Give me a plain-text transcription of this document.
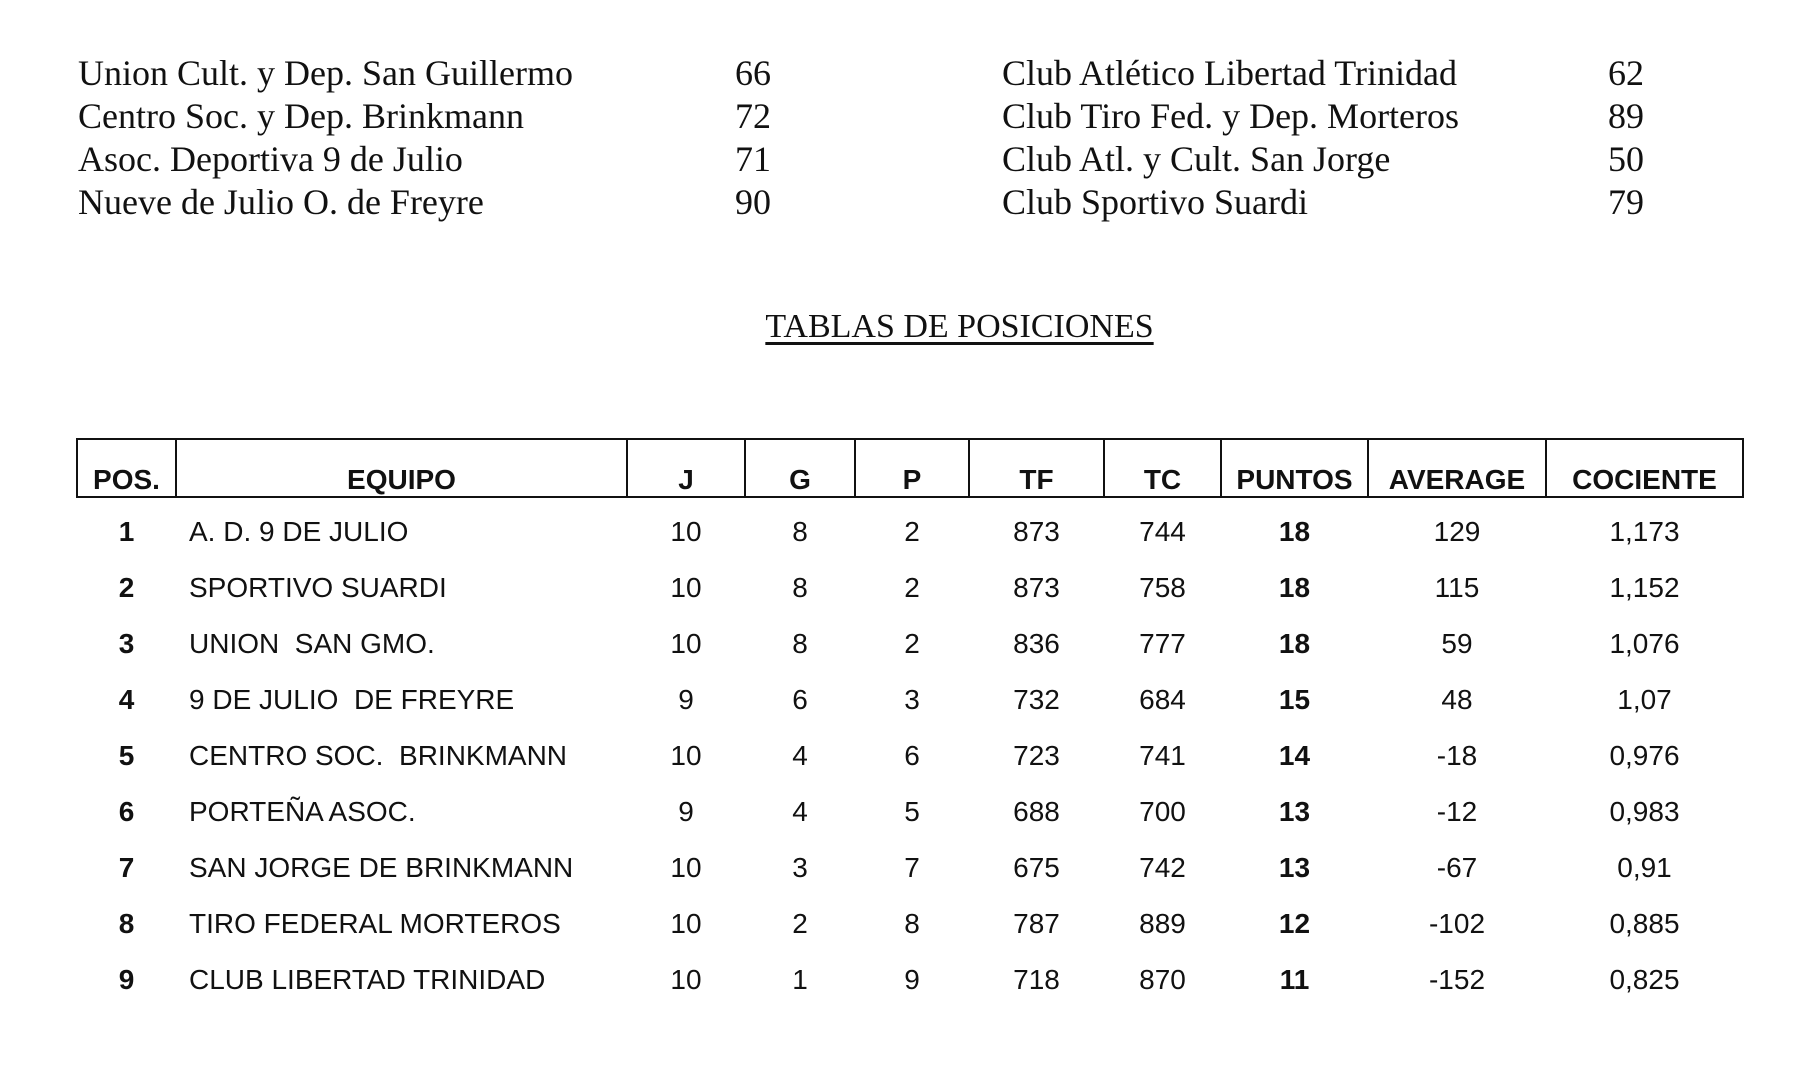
Union Cult. y Dep. San Guillermo	66
Centro Soc. y Dep. Brinkmann	72
Asoc. Deportiva 9 de Julio	71
Nueve de Julio O. de Freyre	90
Club Atlético Libertad Trinidad	62
Club Tiro Fed. y Dep. Morteros	89
Club Atl. y Cult. San Jorge	50
Club Sportivo Suardi	79
TABLAS DE POSICIONES
POS.	EQUIPO	J	G	P	TF	TC	PUNTOS	AVERAGE	COCIENTE
1	A. D. 9 DE JULIO	10	8	2	873	744	18	129	1,173
2	SPORTIVO SUARDI	10	8	2	873	758	18	115	1,152
3	UNION  SAN GMO.	10	8	2	836	777	18	59	1,076
4	9 DE JULIO  DE FREYRE	9	6	3	732	684	15	48	1,07
5	CENTRO SOC.  BRINKMANN	10	4	6	723	741	14	-18	0,976
6	PORTEÑA ASOC.	9	4	5	688	700	13	-12	0,983
7	SAN JORGE DE BRINKMANN	10	3	7	675	742	13	-67	0,91
8	TIRO FEDERAL MORTEROS	10	2	8	787	889	12	-102	0,885
9	CLUB LIBERTAD TRINIDAD	10	1	9	718	870	11	-152	0,825
